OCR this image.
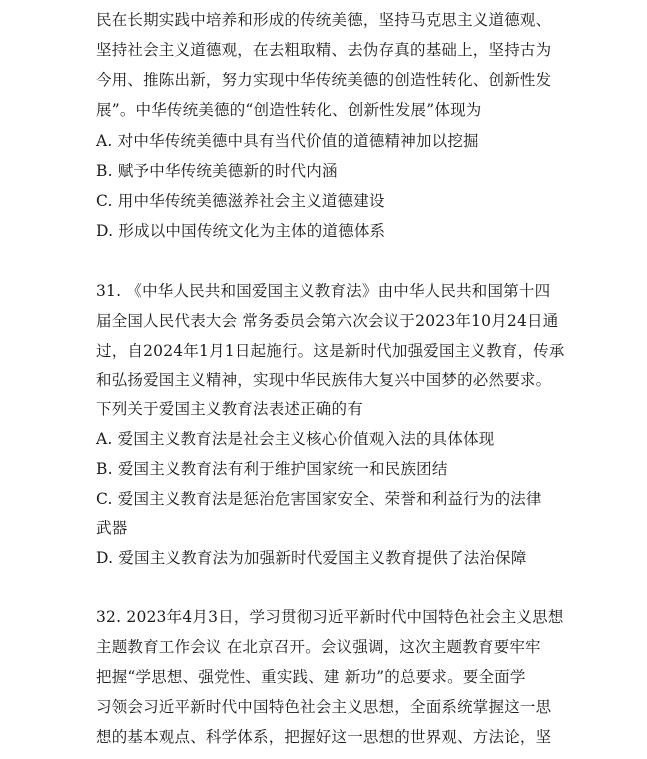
民在长期实践中培养和形成的传统美德，坚持马克思主义道德观、
坚持社会主义道德观，在去粗取精、去伪存真的基础上，坚持古为
今用、推陈出新，努力实现中华传统美德的创造性转化、创新性发
展”。中华传统美德的“创造性转化、创新性发展”体现为
A. 对中华传统美德中具有当代价值的道德精神加以挖掘
B. 赋予中华传统美德新的时代内涵
C. 用中华传统美德滋养社会主义道德建设
D. 形成以中国传统文化为主体的道德体系
31. 《中华人民共和国爱国主义教育法》由中华人民共和国第十四
届全国人民代表大会 常务委员会第六次会议于2023年10月24日通
过，自2024年1月1日起施行。这是新时代加强爱国主义教育，传承
和弘扬爱国主义精神，实现中华民族伟大复兴中国梦的必然要求。
下列关于爱国主义教育法表述正确的有
A. 爱国主义教育法是社会主义核心价值观入法的具体体现
B. 爱国主义教育法有利于维护国家统一和民族团结
C. 爱国主义教育法是惩治危害国家安全、荣誉和利益行为的法律
武器
D. 爱国主义教育法为加强新时代爱国主义教育提供了法治保障
32. 2023年4月3日，学习贯彻习近平新时代中国特色社会主义思想
主题教育工作会议 在北京召开。会议强调，这次主题教育要牢牢
把握“学思想、强党性、重实践、建 新功”的总要求。要全面学
习领会习近平新时代中国特色社会主义思想，全面系统掌握这一思
想的基本观点、科学体系，把握好这一思想的世界观、方法论，坚
